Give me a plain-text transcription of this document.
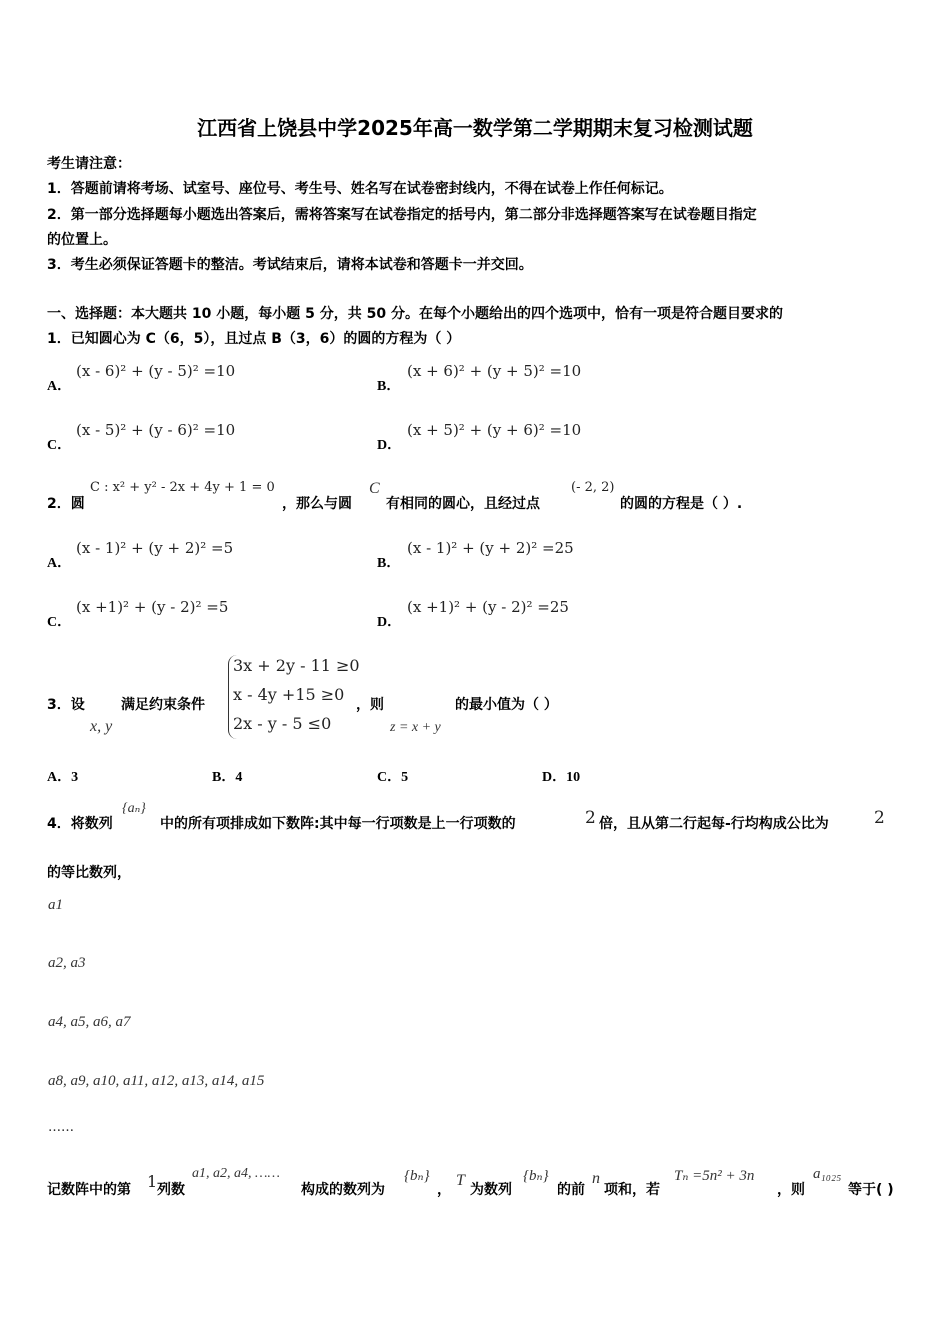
江西省上饶县中学2025年高一数学第二学期期末复习检测试题
考生请注意：
1．答题前请将考场、试室号、座位号、考生号、姓名写在试卷密封线内，不得在试卷上作任何标记。
2．第一部分选择题每小题选出答案后，需将答案写在试卷指定的括号内，第二部分非选择题答案写在试卷题目指定
的位置上。
3．考生必须保证答题卡的整洁。考试结束后，请将本试卷和答题卡一并交回。
一、选择题：本大题共 10 小题，每小题 5 分，共 50 分。在每个小题给出的四个选项中，恰有一项是符合题目要求的
1．已知圆心为 C（6，5），且过点 B（3，6）的圆的方程为（ ）
A．
(x - 6)² + (y - 5)² =10
B．
(x + 6)² + (y + 5)² =10
C．
(x - 5)² + (y - 6)² =10
D．
(x + 5)² + (y + 6)² =10
2．圆
C : x² + y² - 2x + 4y + 1 = 0
，那么与圆
C
有相同的圆心，且经过点
(- 2, 2)
的圆的方程是（ ）.
A．
(x - 1)² + (y + 2)² =5
B．
(x - 1)² + (y + 2)² =25
C．
(x +1)² + (y - 2)² =5
D．
(x +1)² + (y - 2)² =25
3．设
x, y
满足约束条件
3x + 2y - 11 ≥0
x - 4y +15 ≥0
2x - y - 5 ≤0
，则
z = x + y
的最小值为（ ）
A．3	B．4	C．5	D．10
4．将数列
{aₙ}
中的所有项排成如下数阵:其中每一行项数是上一行项数的	2 倍，且从第二行起每-行均构成公比为	2
的等比数列，
a1
a2, a3
a4, a5, a6, a7
a8, a9, a10, a11, a12, a13, a14, a15
……
记数阵中的第 1 列数
a1, a2, a4, ……
构成的数列为
{bₙ}
，
T
为数列
{bₙ}
的前
n
项和，若
Tₙ =5n² + 3n
，则
a₁₀₂₅
等于( )
